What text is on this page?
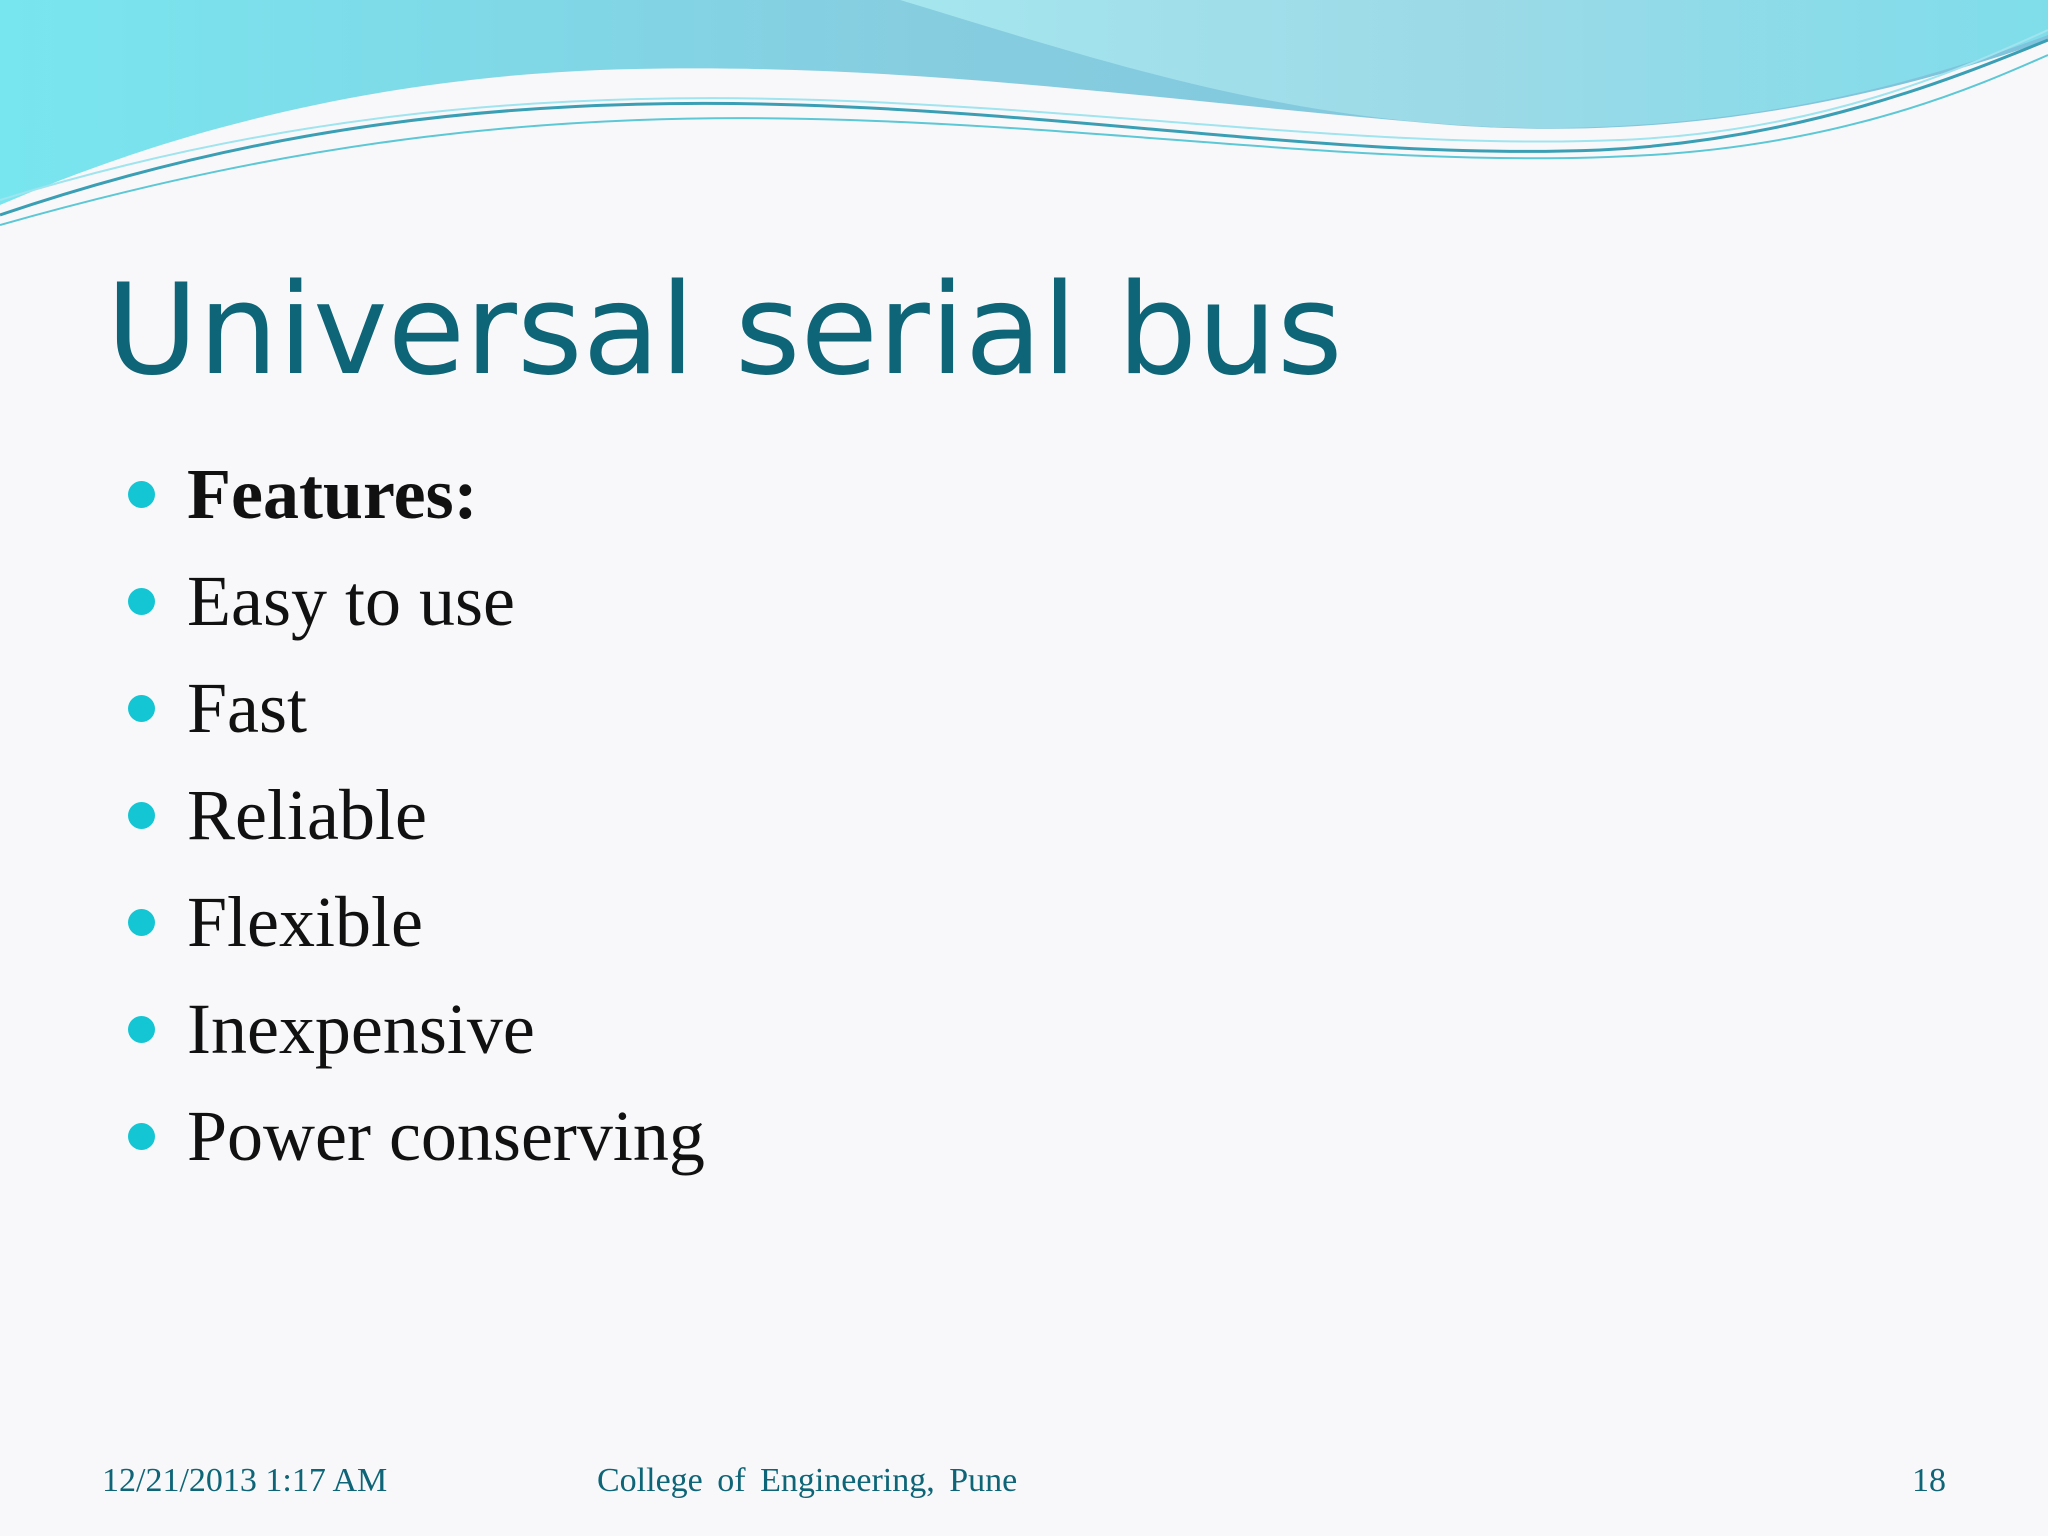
Universal serial bus
Features:
Easy to use
Fast
Reliable
Flexible
Inexpensive
Power conserving
12/21/2013 1:17 AM	College of Engineering, Pune	18
